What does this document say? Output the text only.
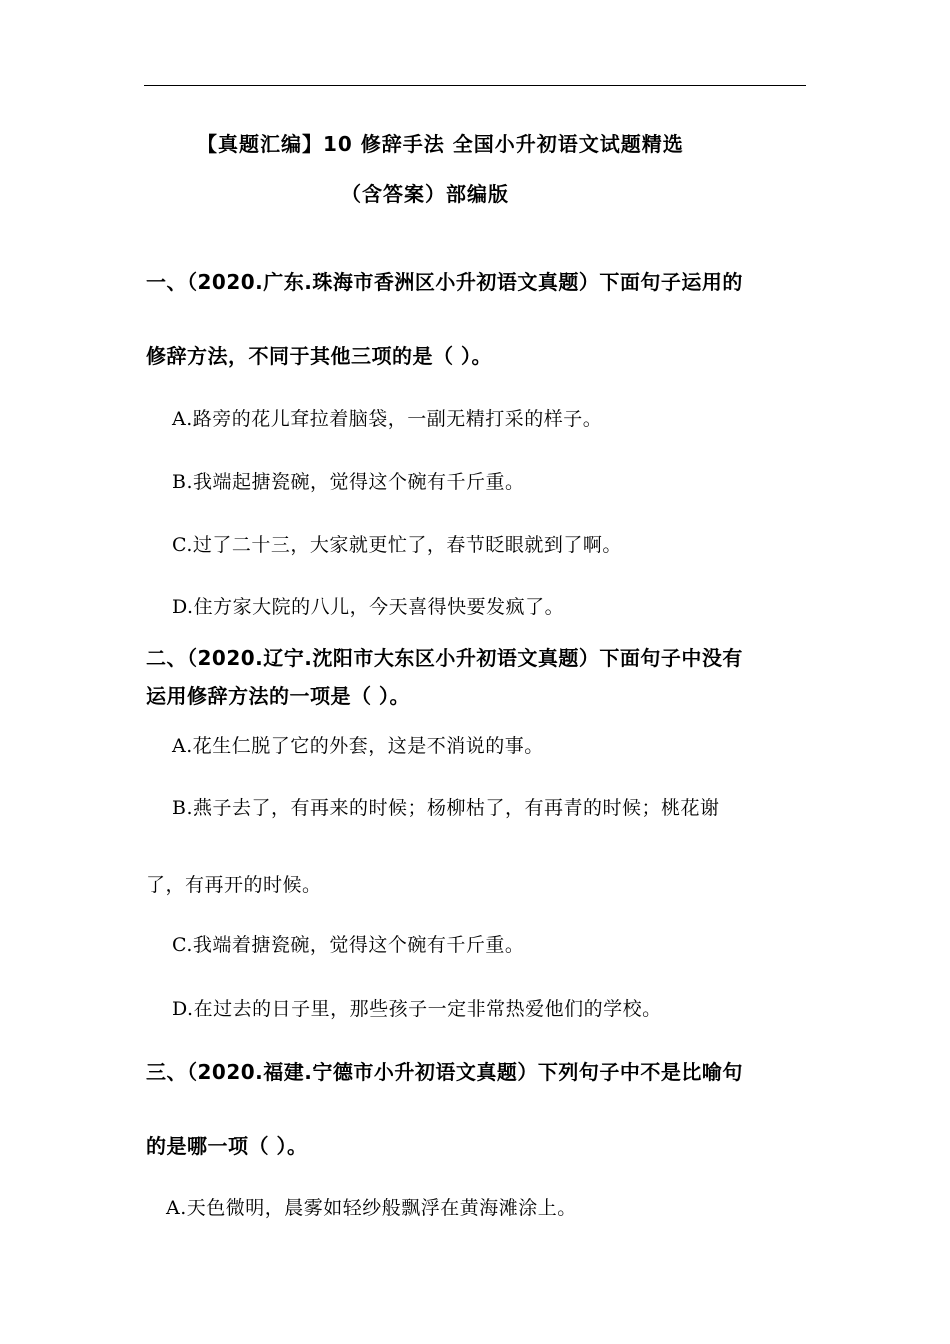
【真题汇编】10 修辞手法 全国小升初语文试题精选

（含答案）部编版

一、（2020.广东.珠海市香洲区小升初语文真题）下面句子运用的

修辞方法，不同于其他三项的是（ ）。

A.路旁的花儿耷拉着脑袋，一副无精打采的样子。

B.我端起搪瓷碗，觉得这个碗有千斤重。

C.过了二十三，大家就更忙了，春节眨眼就到了啊。

D.住方家大院的八儿，今天喜得快要发疯了。

二、（2020.辽宁.沈阳市大东区小升初语文真题）下面句子中没有

运用修辞方法的一项是（ ）。

A.花生仁脱了它的外套，这是不消说的事。

B.燕子去了，有再来的时候；杨柳枯了，有再青的时候；桃花谢

了，有再开的时候。

C.我端着搪瓷碗，觉得这个碗有千斤重。

D.在过去的日子里，那些孩子一定非常热爱他们的学校。

三、（2020.福建.宁德市小升初语文真题）下列句子中不是比喻句

的是哪一项（ ）。

A.天色微明，晨雾如轻纱般飘浮在黄海滩涂上。
